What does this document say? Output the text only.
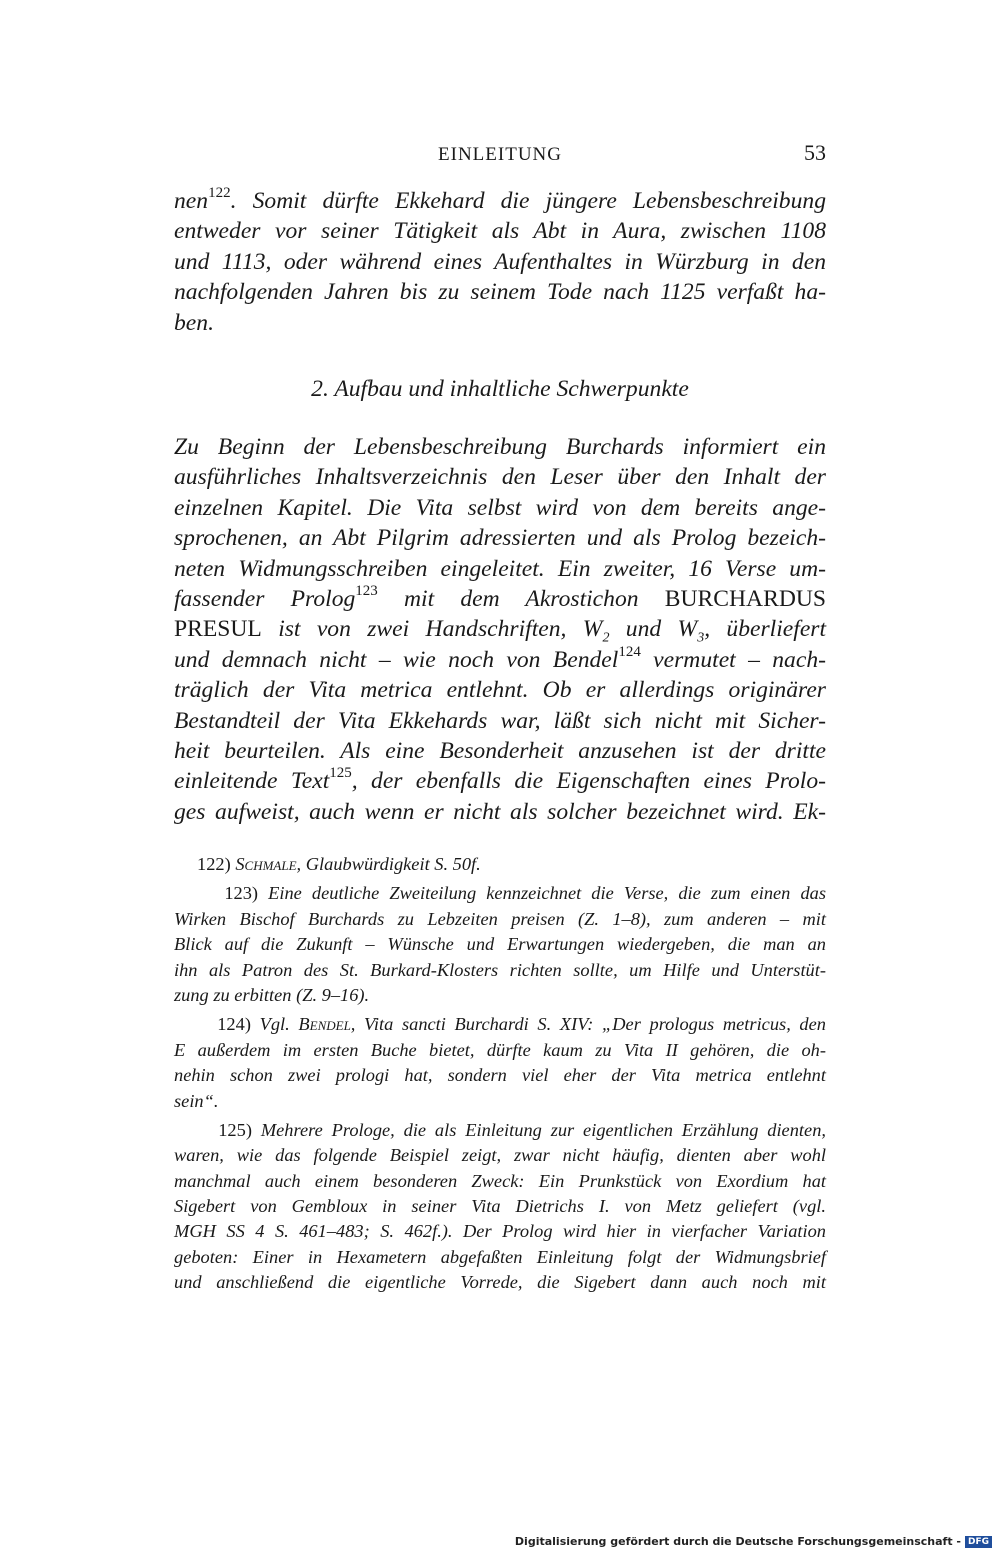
EINLEITUNG	53
nen$^{122}$. Somit dürfte Ekkehard die jüngere Lebensbeschreibung
entweder vor seiner Tätigkeit als Abt in Aura, zwischen 1108
und 1113, oder während eines Aufenthaltes in Würzburg in den
nachfolgenden Jahren bis zu seinem Tode nach 1125 verfaßt ha-
ben.
2. Aufbau und inhaltliche Schwerpunkte
Zu Beginn der Lebensbeschreibung Burchards informiert ein
ausführliches Inhaltsverzeichnis den Leser über den Inhalt der
einzelnen Kapitel. Die Vita selbst wird von dem bereits ange-
sprochenen, an Abt Pilgrim adressierten und als Prolog bezeich-
neten Widmungsschreiben eingeleitet. Ein zweiter, 16 Verse um-
fassender Prolog$^{123}$ mit dem Akrostichon BURCHARDUS
PRESUL ist von zwei Handschriften, $W_2$ und $W_3$, überliefert
und demnach nicht – wie noch von Bendel$^{124}$ vermutet – nach-
träglich der Vita metrica entlehnt. Ob er allerdings originärer
Bestandteil der Vita Ekkehards war, läßt sich nicht mit Sicher-
heit beurteilen. Als eine Besonderheit anzusehen ist der dritte
einleitende Text$^{125}$, der ebenfalls die Eigenschaften eines Prolo-
ges aufweist, auch wenn er nicht als solcher bezeichnet wird. Ek-
122) Schmale, Glaubwürdigkeit S. 50f.
123) Eine deutliche Zweiteilung kennzeichnet die Verse, die zum einen das
Wirken Bischof Burchards zu Lebzeiten preisen (Z. 1–8), zum anderen – mit
Blick auf die Zukunft – Wünsche und Erwartungen wiedergeben, die man an
ihn als Patron des St. Burkard-Klosters richten sollte, um Hilfe und Unterstüt-
zung zu erbitten (Z. 9–16).
124) Vgl. Bendel, Vita sancti Burchardi S. XIV: „Der prologus metricus, den
E außerdem im ersten Buche bietet, dürfte kaum zu Vita II gehören, die oh-
nehin schon zwei prologi hat, sondern viel eher der Vita metrica entlehnt
sein“.
125) Mehrere Prologe, die als Einleitung zur eigentlichen Erzählung dienten,
waren, wie das folgende Beispiel zeigt, zwar nicht häufig, dienten aber wohl
manchmal auch einem besonderen Zweck: Ein Prunkstück von Exordium hat
Sigebert von Gembloux in seiner Vita Dietrichs I. von Metz geliefert (vgl.
MGH SS 4 S. 461–483; S. 462f.). Der Prolog wird hier in vierfacher Variation
geboten: Einer in Hexametern abgefaßten Einleitung folgt der Widmungsbrief
und anschließend die eigentliche Vorrede, die Sigebert dann auch noch mit
Digitalisierung gefördert durch die Deutsche Forschungsgemeinschaft - DFG
